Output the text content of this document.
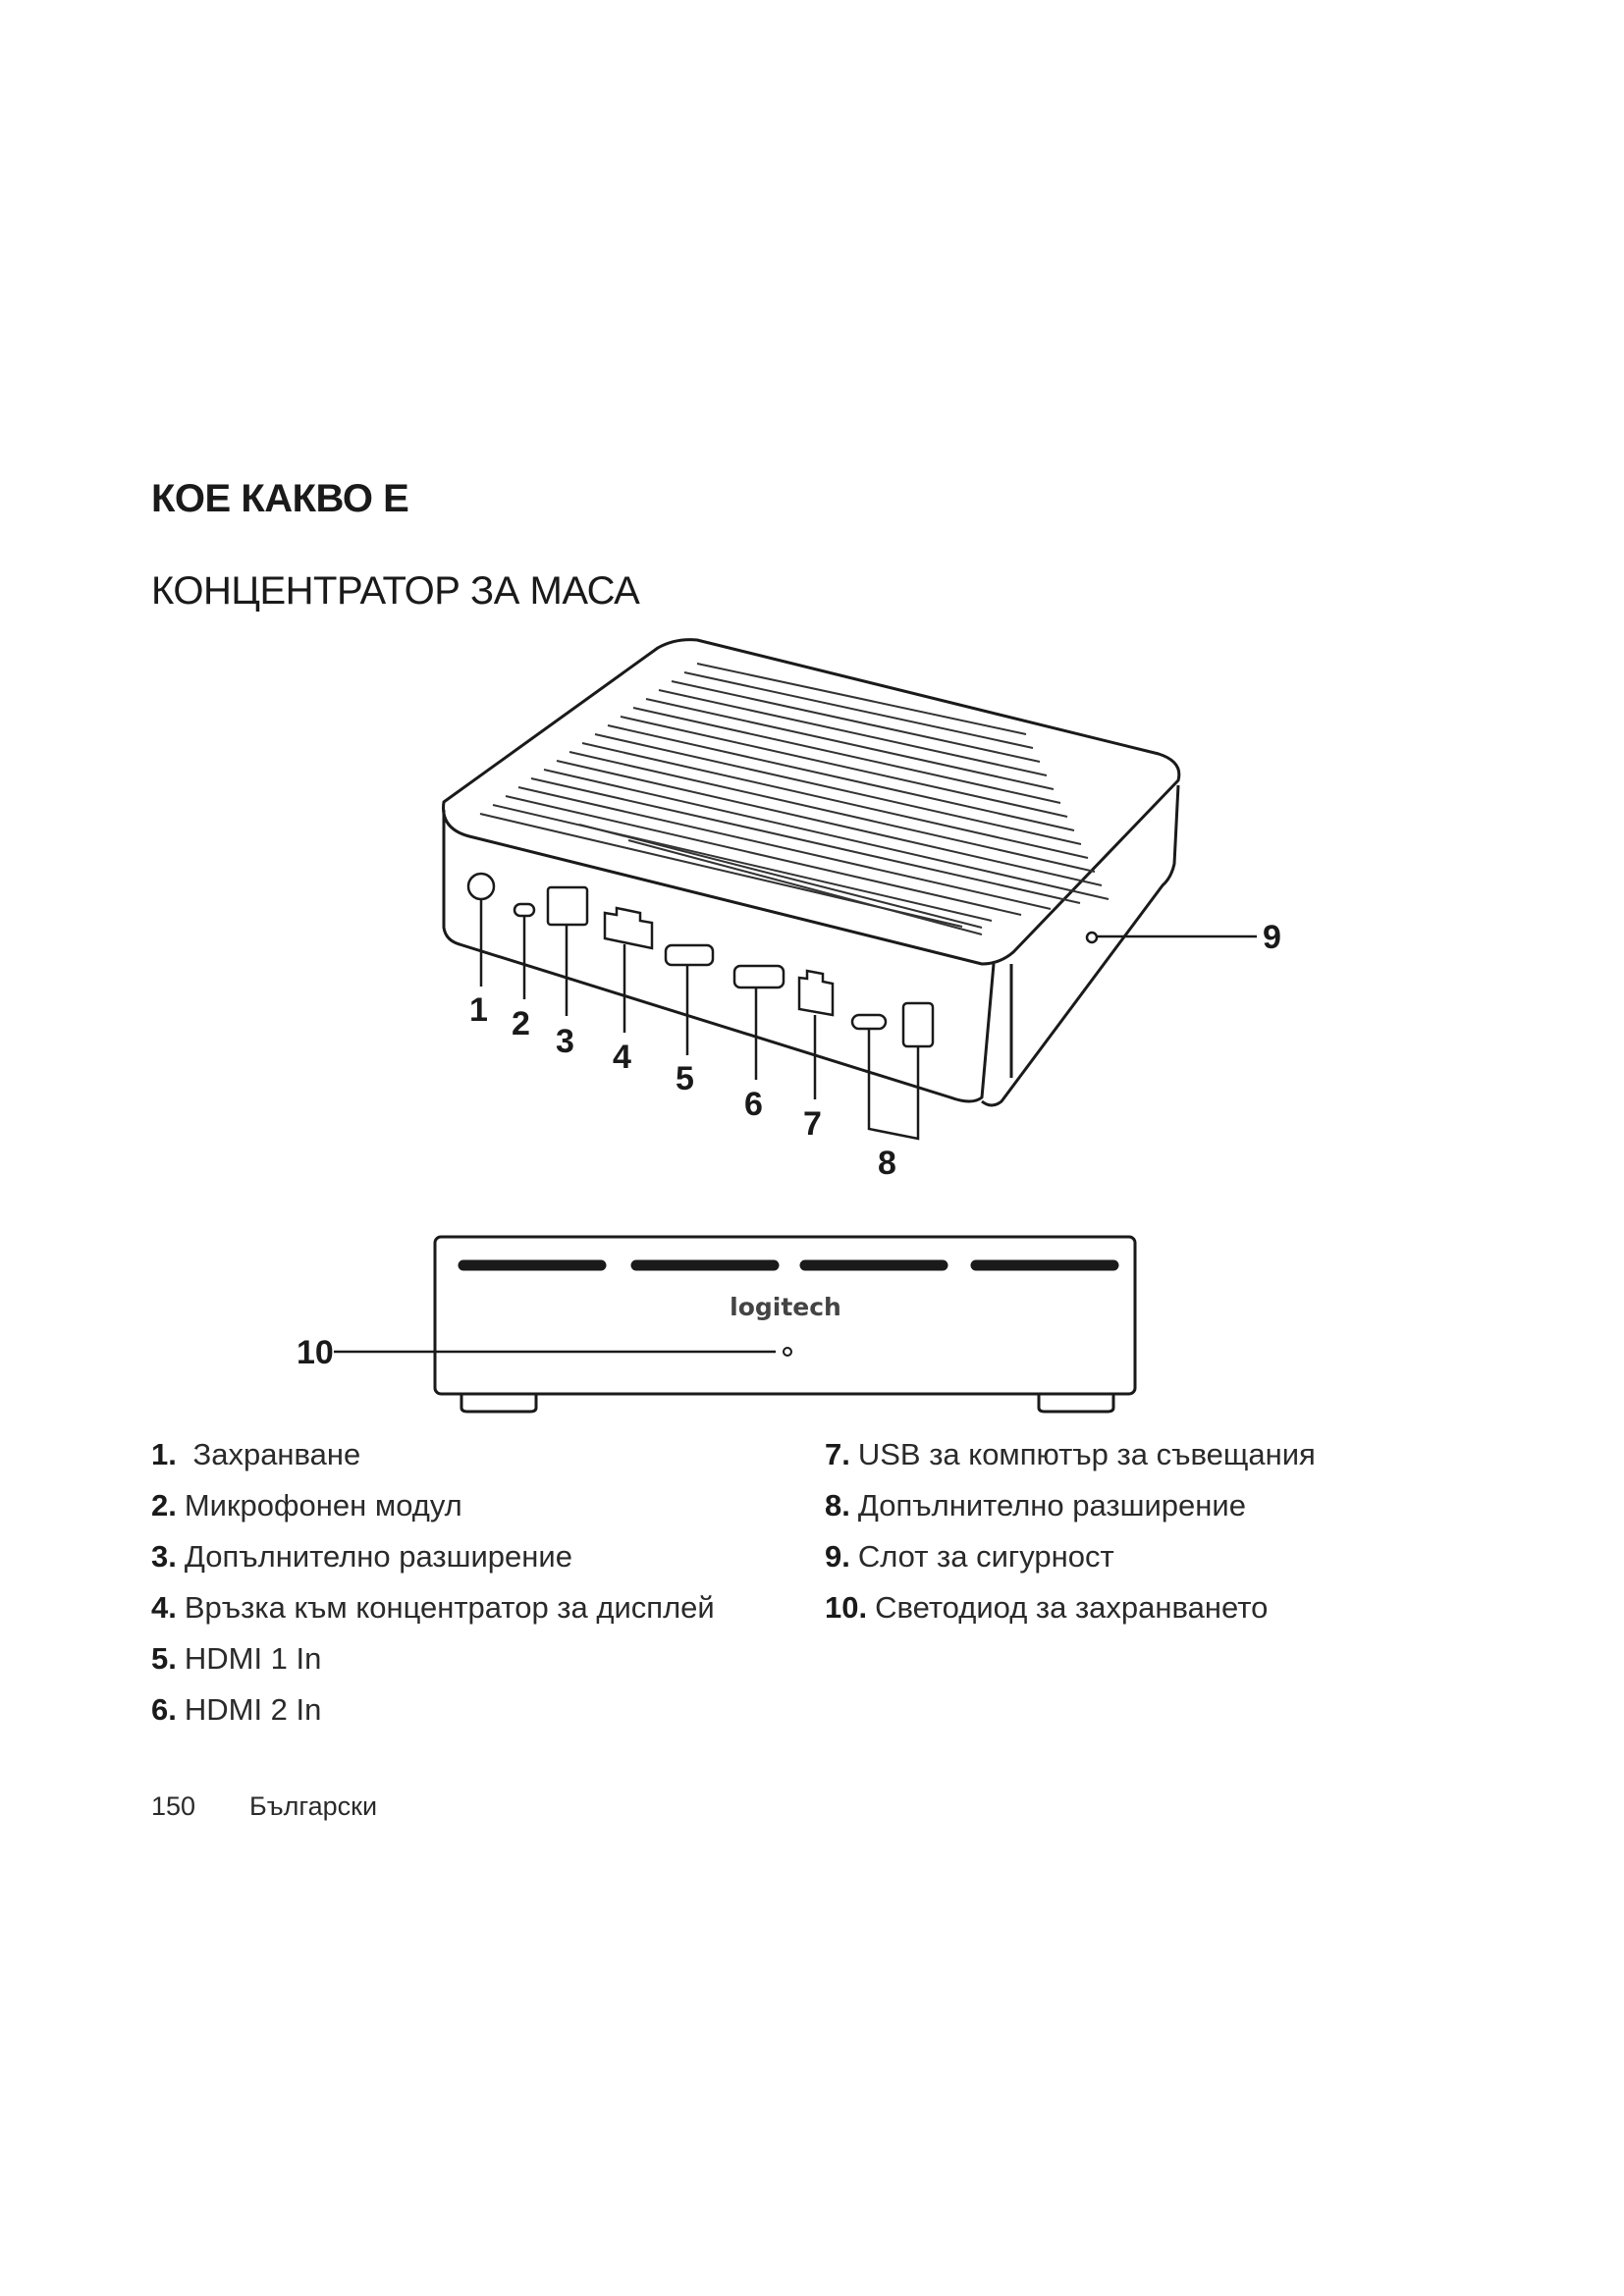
КОЕ КАКВО Е
КОНЦЕНТРАТОР ЗА МАСА
1 2 3 4
5
6
7
8
9
logitech
10
1. Захранване
2. Микрофонен модул
3. Допълнително разширение
4. Връзка към концентратор за дисплей
5. HDMI 1 In
6. HDMI 2 In
7. USB за компютър за съвещания
8. Допълнително разширение
9. Слот за сигурност
10. Светодиод за захранването
150 Български
